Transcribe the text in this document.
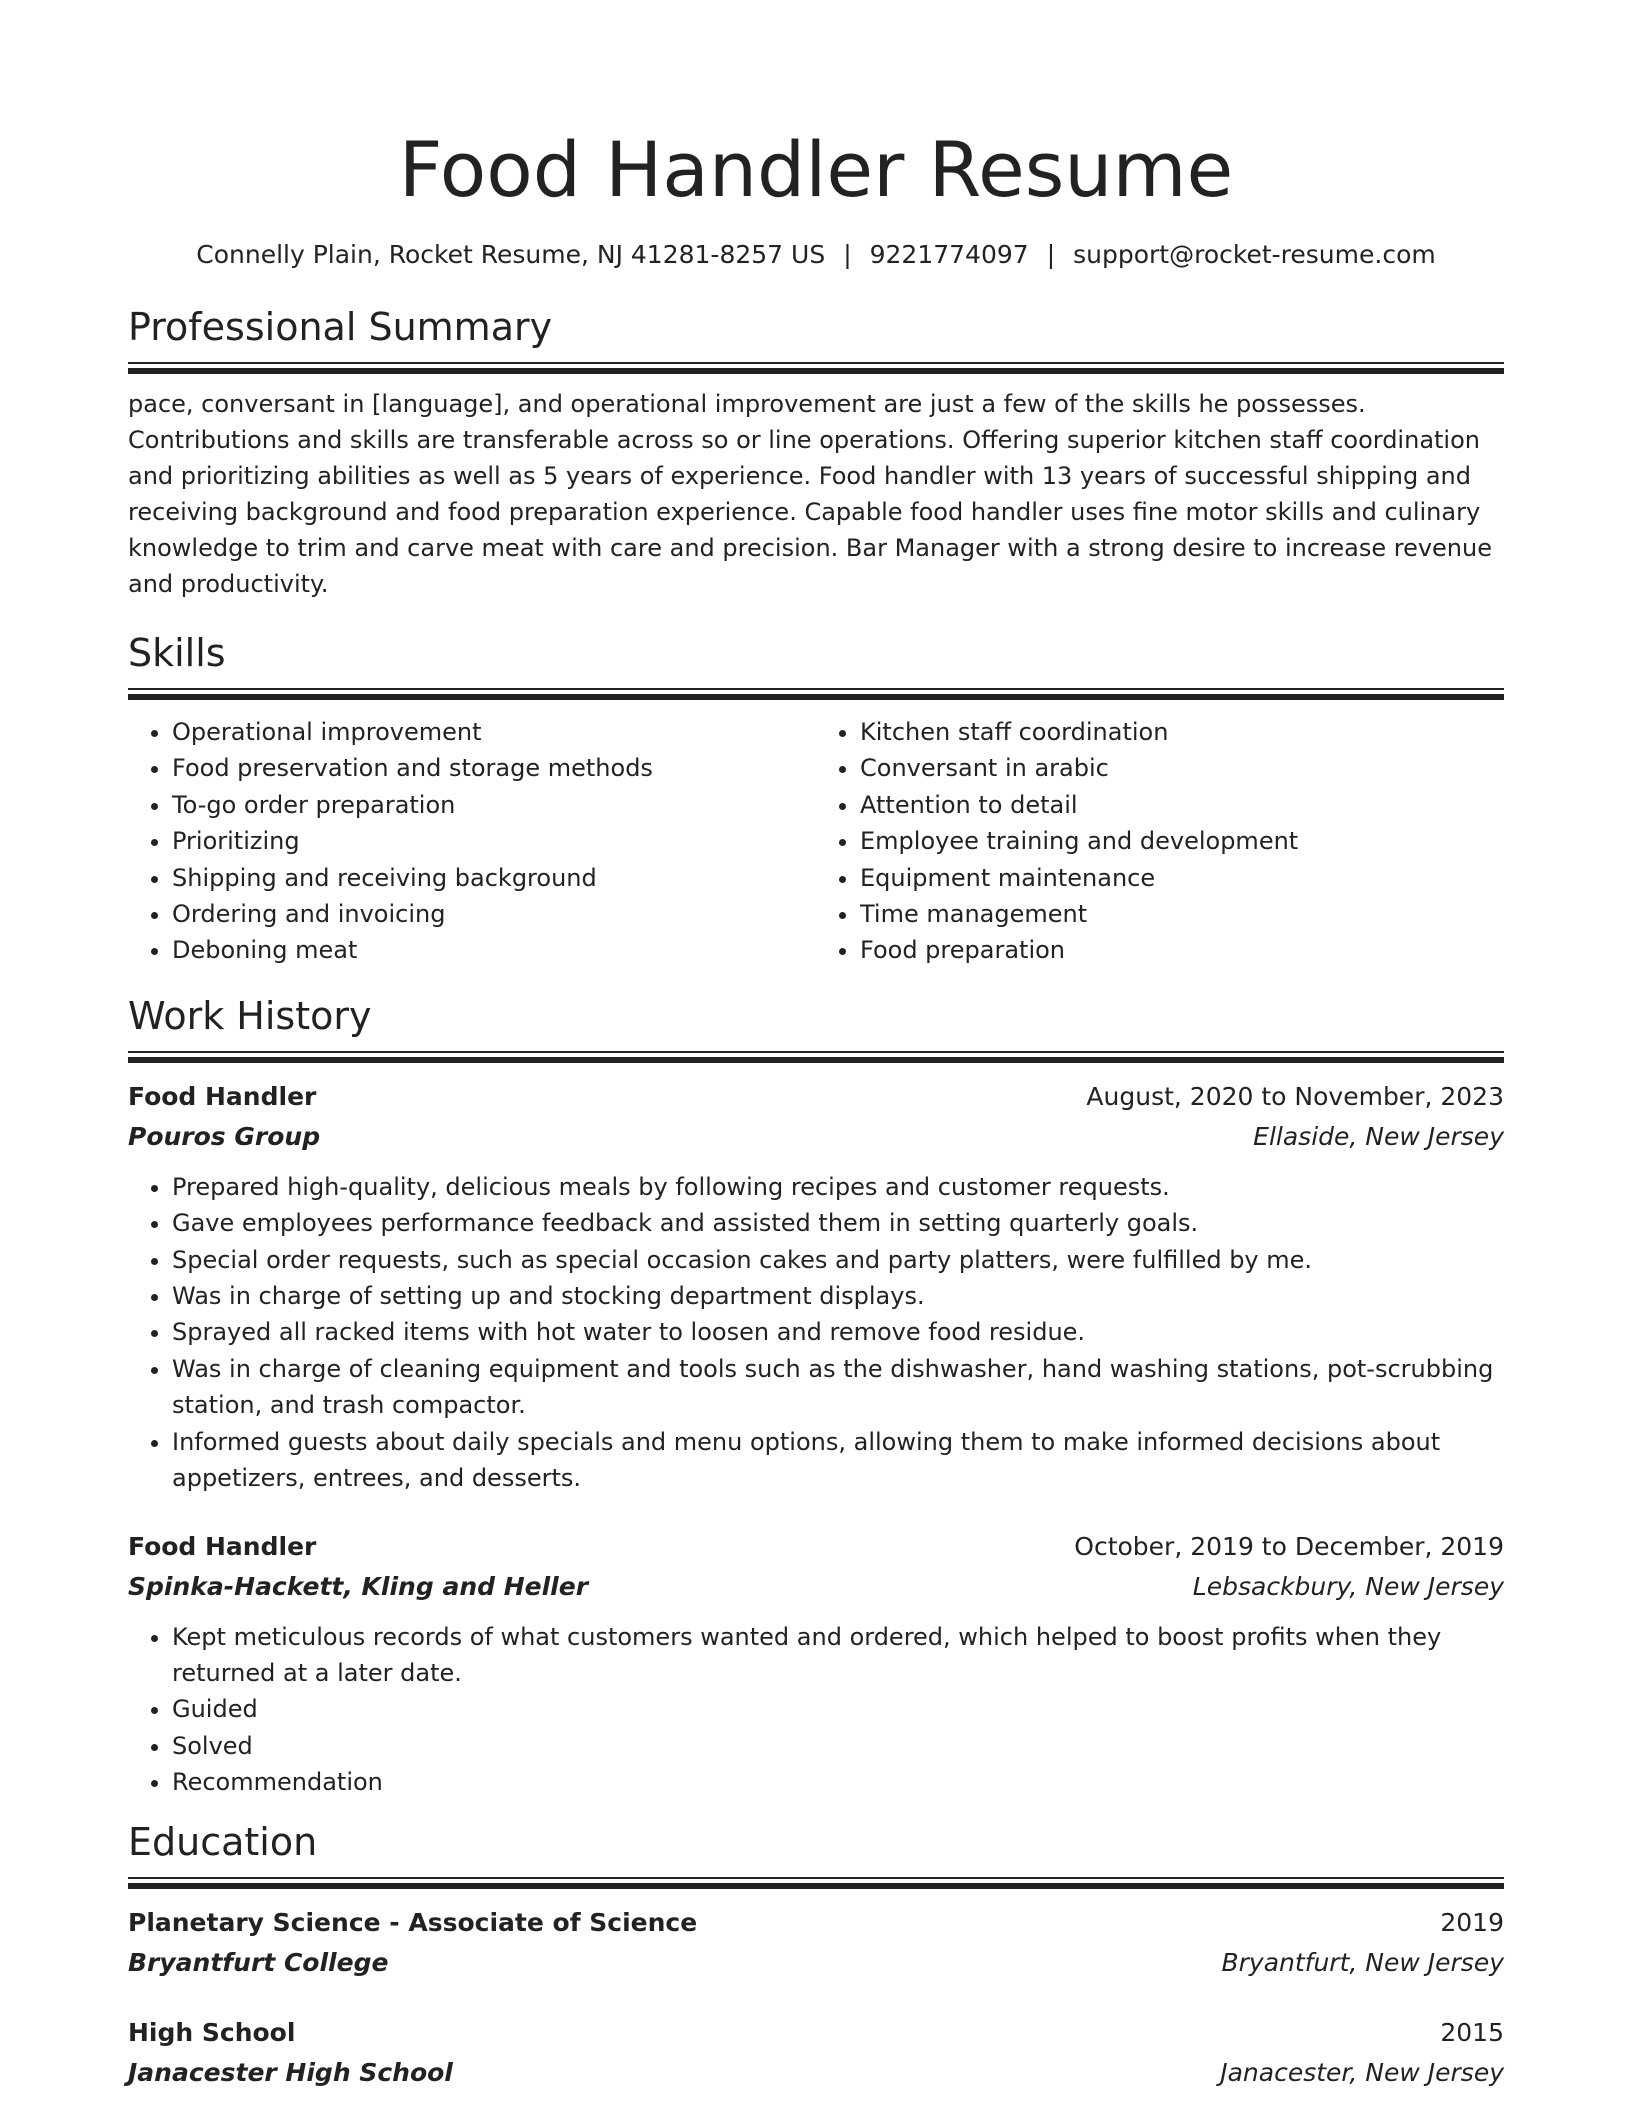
Food Handler Resume
Connelly Plain, Rocket Resume, NJ 41281-8257 US | 9221774097 | support@rocket-resume.com
Professional Summary

pace, conversant in [language], and operational improvement are just a few of the skills he possesses. Contributions and skills are transferable across so or line operations. Offering superior kitchen staff coordination and prioritizing abilities as well as 5 years of experience. Food handler with 13 years of successful shipping and receiving background and food preparation experience. Capable food handler uses fine motor skills and culinary knowledge to trim and carve meat with care and precision. Bar Manager with a strong desire to increase revenue and productivity.

Skills
• Operational improvement
• Food preservation and storage methods
• To-go order preparation
• Prioritizing
• Shipping and receiving background
• Ordering and invoicing
• Deboning meat
• Kitchen staff coordination
• Conversant in arabic
• Attention to detail
• Employee training and development
• Equipment maintenance
• Time management
• Food preparation
Work History
Food Handler	August, 2020 to November, 2023
Pouros Group	Ellaside, New Jersey
• Prepared high-quality, delicious meals by following recipes and customer requests.
• Gave employees performance feedback and assisted them in setting quarterly goals.
• Special order requests, such as special occasion cakes and party platters, were fulfilled by me.
• Was in charge of setting up and stocking department displays.
• Sprayed all racked items with hot water to loosen and remove food residue.
• Was in charge of cleaning equipment and tools such as the dishwasher, hand washing stations, pot-scrubbing station, and trash compactor.
• Informed guests about daily specials and menu options, allowing them to make informed decisions about appetizers, entrees, and desserts.
Food Handler	October, 2019 to December, 2019
Spinka-Hackett, Kling and Heller	Lebsackbury, New Jersey
• Kept meticulous records of what customers wanted and ordered, which helped to boost profits when they returned at a later date.
• Guided
• Solved
• Recommendation
Education
Planetary Science - Associate of Science	2019
Bryantfurt College	Bryantfurt, New Jersey
High School	2015
Janacester High School	Janacester, New Jersey
